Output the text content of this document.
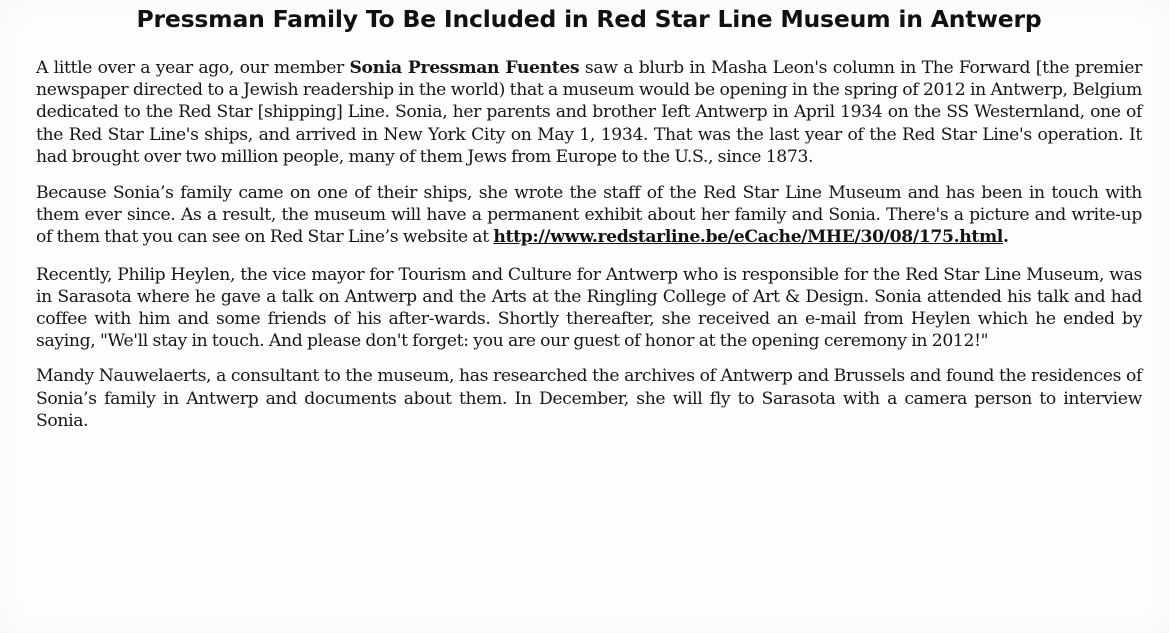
Pressman Family To Be Included in Red Star Line Museum in Antwerp

A little over a year ago, our member Sonia Pressman Fuentes saw a blurb in Masha Leon's column in The Forward [the premier newspaper directed to a Jewish readership in the world) that a museum would be opening in the spring of 2012 in Antwerp, Belgium dedicated to the Red Star [shipping] Line. Sonia, her parents and brother Ieft Antwerp in April 1934 on the SS Westernland, one of the Red Star Line's ships, and arrived in New York City on May 1, 1934. That was the last year of the Red Star Line's operation. It had brought over two million people, many of them Jews from Europe to the U.S., since 1873.

Because Sonia’s family came on one of their ships, she wrote the staff of the Red Star Line Museum and has been in touch with them ever since. As a result, the museum will have a permanent exhibit about her family and Sonia. There's a picture and write-up of them that you can see on Red Star Line’s website at http://www.redstarline.be/eCache/MHE/30/08/175.html.

Recently, Philip Heylen, the vice mayor for Tourism and Culture for Antwerp who is responsible for the Red Star Line Museum, was in Sarasota where he gave a talk on Antwerp and the Arts at the Ringling College of Art & Design. Sonia attended his talk and had coffee with him and some friends of his after-wards. Shortly thereafter, she received an e-mail from Heylen which he ended by saying, "We'll stay in touch. And please don't forget: you are our guest of honor at the opening ceremony in 2012!"

Mandy Nauwelaerts, a consultant to the museum, has researched the archives of Antwerp and Brussels and found the residences of Sonia’s family in Antwerp and documents about them. In December, she will fly to Sarasota with a camera person to interview Sonia.
